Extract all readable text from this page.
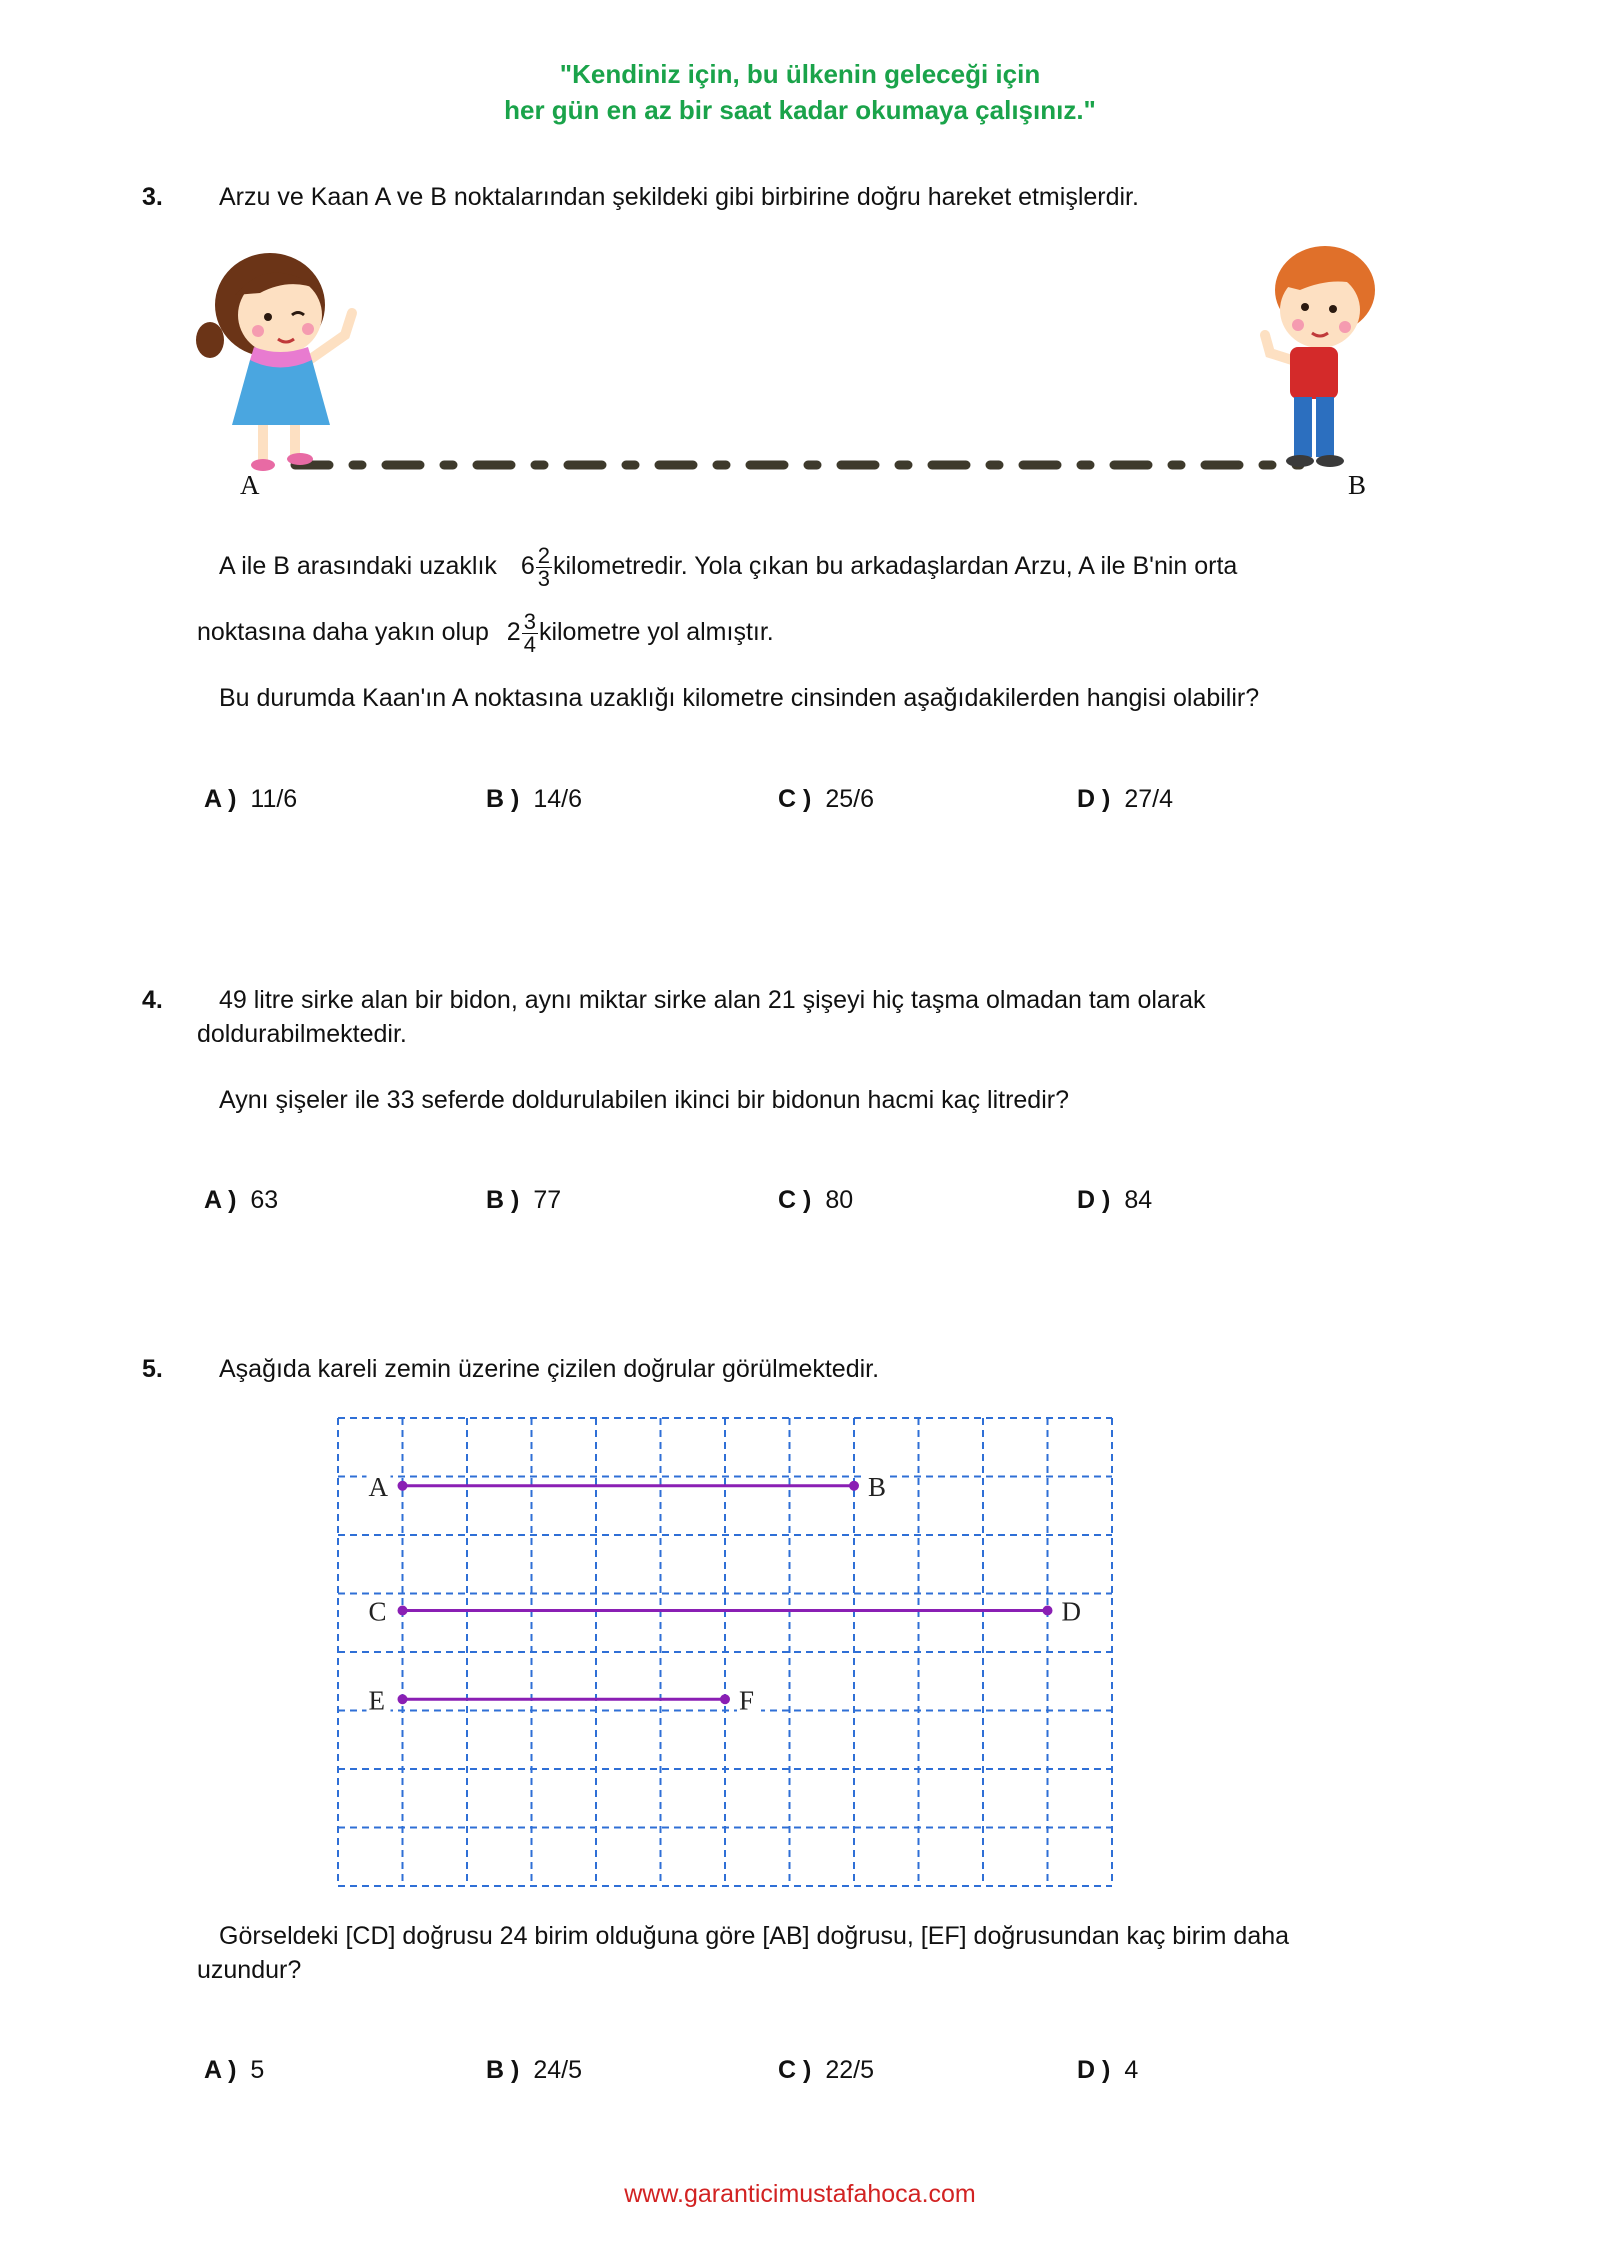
"Kendiniz için, bu ülkenin geleceği için
her gün en az bir saat kadar okumaya çalışınız."
3. Arzu ve Kaan A ve B noktalarından şekildeki gibi birbirine doğru hareket etmişlerdir.
A	B
A ile B arasındaki uzaklık $6 \frac{2}{3}$ kilometredir. Yola çıkan bu arkadaşlardan Arzu, A ile B'nin orta
noktasına daha yakın olup $2 \frac{3}{4}$ kilometre yol almıştır.
Bu durumda Kaan'ın A noktasına uzaklığı kilometre cinsinden aşağıdakilerden hangisi olabilir?
A ) 11/6	B ) 14/6	C ) 25/6	D ) 27/4
4. 49 litre sirke alan bir bidon, aynı miktar sirke alan 21 şişeyi hiç taşma olmadan tam olarak
doldurabilmektedir.
Aynı şişeler ile 33 seferde doldurulabilen ikinci bir bidonun hacmi kaç litredir?
A ) 63	B ) 77	C ) 80	D ) 84
5. Aşağıda kareli zemin üzerine çizilen doğrular görülmektedir.
A	B
C	D
E	F
Görseldeki [CD] doğrusu 24 birim olduğuna göre [AB] doğrusu, [EF] doğrusundan kaç birim daha
uzundur?
A ) 5	B ) 24/5	C ) 22/5	D ) 4
www.garanticimustafahoca.com
